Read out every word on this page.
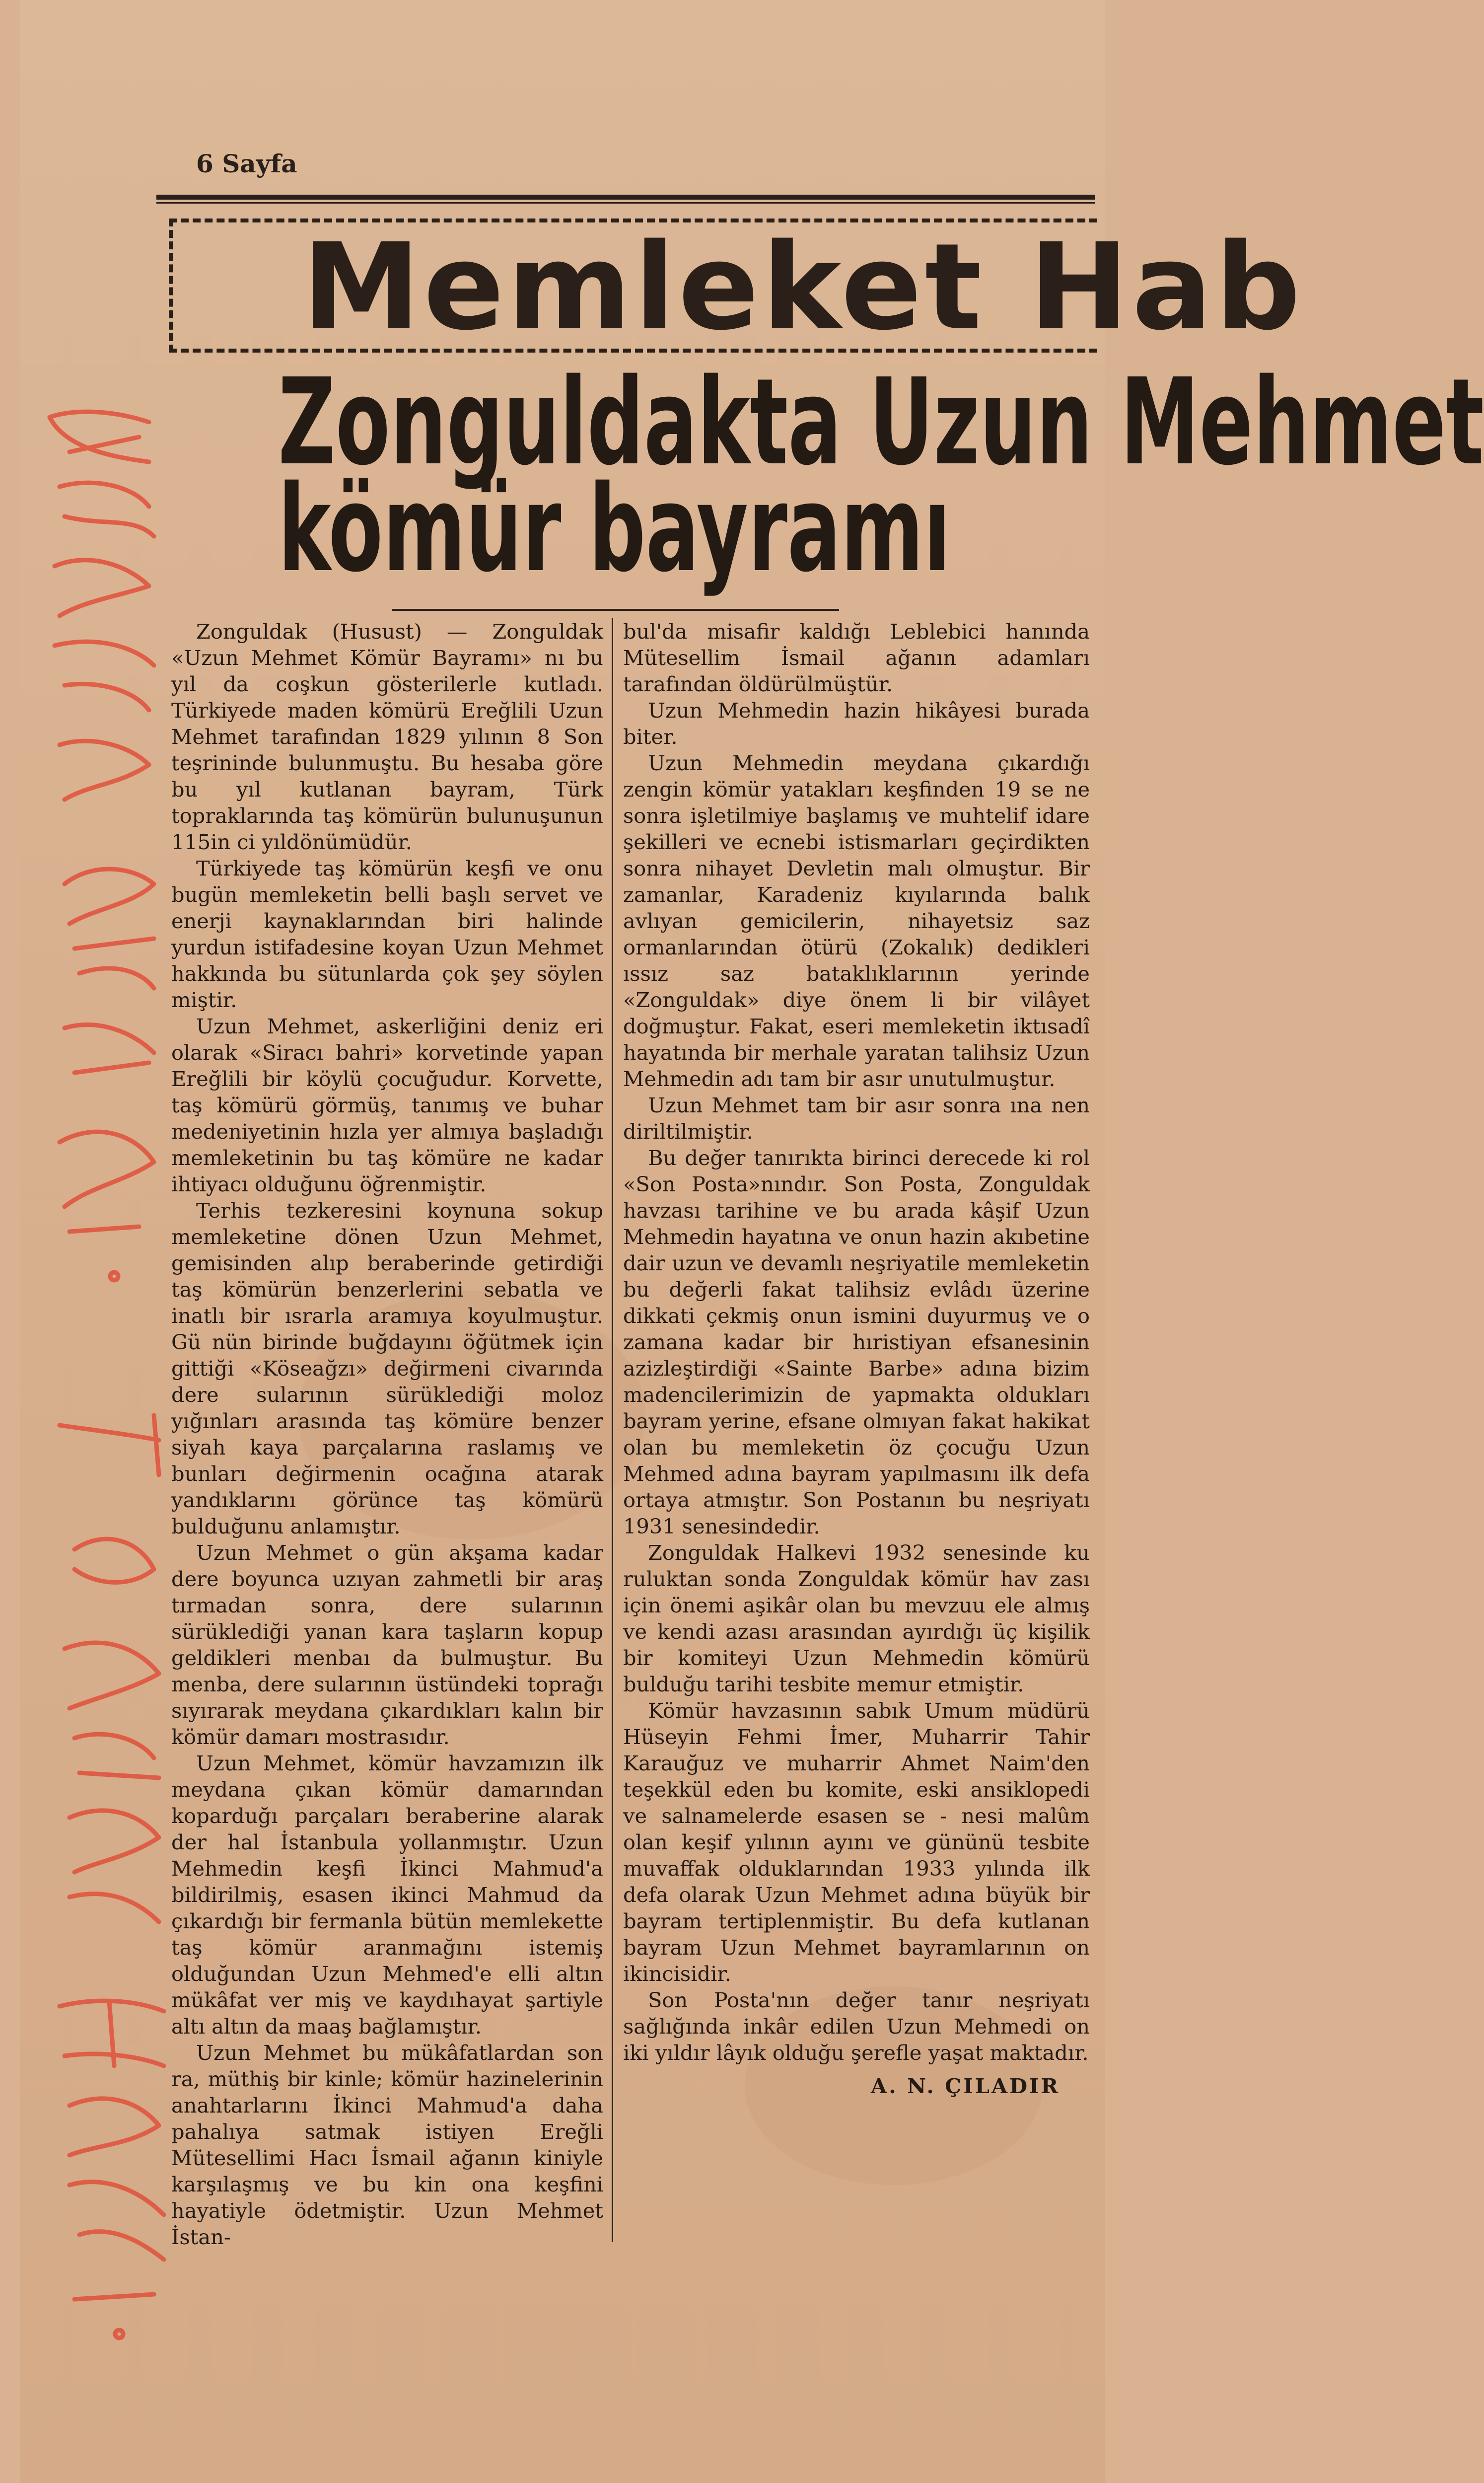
6 Sayfa
Memleket Hab
Zonguldakta Uzun Mehmet
kömür bayramı

Zonguldak (Husust) — Zonguldak «Uzun Mehmet Kömür Bayramı» nı bu yıl da coşkun gösterilerle kutladı. Türkiyede maden kömürü Ereğlili Uzun Mehmet tarafından 1829 yılının 8 Son teşrininde bulunmuştu. Bu hesaba göre bu yıl kutlanan bayram, Türk topraklarında taş kömürün bulunuşunun 115in ci yıldönümüdür.

Türkiyede taş kömürün keşfi ve onu bugün memleketin belli başlı servet ve enerji kaynaklarından biri halinde yurdun istifadesine koyan Uzun Mehmet hakkında bu sütunlarda çok şey söylen miştir.

Uzun Mehmet, askerliğini deniz eri olarak «Siracı bahri» korvetinde yapan Ereğlili bir köylü çocuğudur. Korvette, taş kömürü görmüş, tanımış ve buhar medeniyetinin hızla yer almıya başladığı memleketinin bu taş kömüre ne kadar ihtiyacı olduğunu öğrenmiştir.

Terhis tezkeresini koynuna sokup memleketine dönen Uzun Mehmet, gemisinden alıp beraberinde getirdiği taş kömürün benzerlerini sebatla ve inatlı bir ısrarla aramıya koyulmuştur. Gü nün birinde buğdayını öğütmek için gittiği «Köseağzı» değirmeni civarında dere sularının sürüklediği moloz yığınları arasında taş kömüre benzer siyah kaya parçalarına raslamış ve bunları değirmenin ocağına atarak yandıklarını görünce taş kömürü bulduğunu anlamıştır.

Uzun Mehmet o gün akşama kadar dere boyunca uzıyan zahmetli bir araş tırmadan sonra, dere sularının sürüklediği yanan kara taşların kopup geldikleri menbaı da bulmuştur. Bu menba, dere sularının üstündeki toprağı sıyırarak meydana çıkardıkları kalın bir kömür damarı mostrasıdır.

Uzun Mehmet, kömür havzamızın ilk meydana çıkan kömür damarından koparduğı parçaları beraberine alarak der hal İstanbula yollanmıştır. Uzun Mehmedin keşfi İkinci Mahmud'a bildirilmiş, esasen ikinci Mahmud da çıkardığı bir fermanla bütün memlekette taş kömür aranmağını istemiş olduğundan Uzun Mehmed'e elli altın mükâfat ver miş ve kaydıhayat şartiyle altı altın da maaş bağlamıştır.

Uzun Mehmet bu mükâfatlardan son ra, müthiş bir kinle; kömür hazinelerinin anahtarlarını İkinci Mahmud'a daha pahalıya satmak istiyen Ereğli Mütesellimi Hacı İsmail ağanın kiniyle karşılaşmış ve bu kin ona keşfini hayatiyle ödetmiştir. Uzun Mehmet İstan-

bul'da misafir kaldığı Leblebici hanında Mütesellim İsmail ağanın adamları tarafından öldürülmüştür.

Uzun Mehmedin hazin hikâyesi burada biter.

Uzun Mehmedin meydana çıkardığı zengin kömür yatakları keşfinden 19 se ne sonra işletilmiye başlamış ve muhtelif idare şekilleri ve ecnebi istismarları geçirdikten sonra nihayet Devletin malı olmuştur. Bir zamanlar, Karadeniz kıyılarında balık avlıyan gemicilerin, nihayetsiz saz ormanlarından ötürü (Zokalık) dedikleri ıssız saz bataklıklarının yerinde «Zonguldak» diye önem li bir vilâyet doğmuştur. Fakat, eseri memleketin iktısadî hayatında bir merhale yaratan talihsiz Uzun Mehmedin adı tam bir asır unutulmuştur.

Uzun Mehmet tam bir asır sonra ına nen diriltilmiştir.

Bu değer tanırıkta birinci derecede ki rol «Son Posta»nındır. Son Posta, Zonguldak havzası tarihine ve bu arada kâşif Uzun Mehmedin hayatına ve onun hazin akıbetine dair uzun ve devamlı neşriyatile memleketin bu değerli fakat talihsiz evlâdı üzerine dikkati çekmiş onun ismini duyurmuş ve o zamana kadar bir hıristiyan efsanesinin azizleştirdiği «Sainte Barbe» adına bizim madencilerimizin de yapmakta oldukları bayram yerine, efsane olmıyan fakat hakikat olan bu memleketin öz çocuğu Uzun Mehmed adına bayram yapılmasını ilk defa ortaya atmıştır. Son Postanın bu neşriyatı 1931 senesindedir.

Zonguldak Halkevi 1932 senesinde ku ruluktan sonda Zonguldak kömür hav zası için önemi aşikâr olan bu mevzuu ele almış ve kendi azası arasından ayırdığı üç kişilik bir komiteyi Uzun Mehmedin kömürü bulduğu tarihi tesbite memur etmiştir.

Kömür havzasının sabık Umum müdürü Hüseyin Fehmi İmer, Muharrir Tahir Karauğuz ve muharrir Ahmet Naim'den teşekkül eden bu komite, eski ansiklopedi ve salnamelerde esasen se - nesi malûm olan keşif yılının ayını ve gününü tesbite muvaffak olduklarından 1933 yılında ilk defa olarak Uzun Mehmet adına büyük bir bayram tertiplenmiştir. Bu defa kutlanan bayram Uzun Mehmet bayramlarının on ikincisidir.

Son Posta'nın değer tanır neşriyatı sağlığında inkâr edilen Uzun Mehmedi on iki yıldır lâyık olduğu şerefle yaşat maktadır.

A. N. ÇILADIR
